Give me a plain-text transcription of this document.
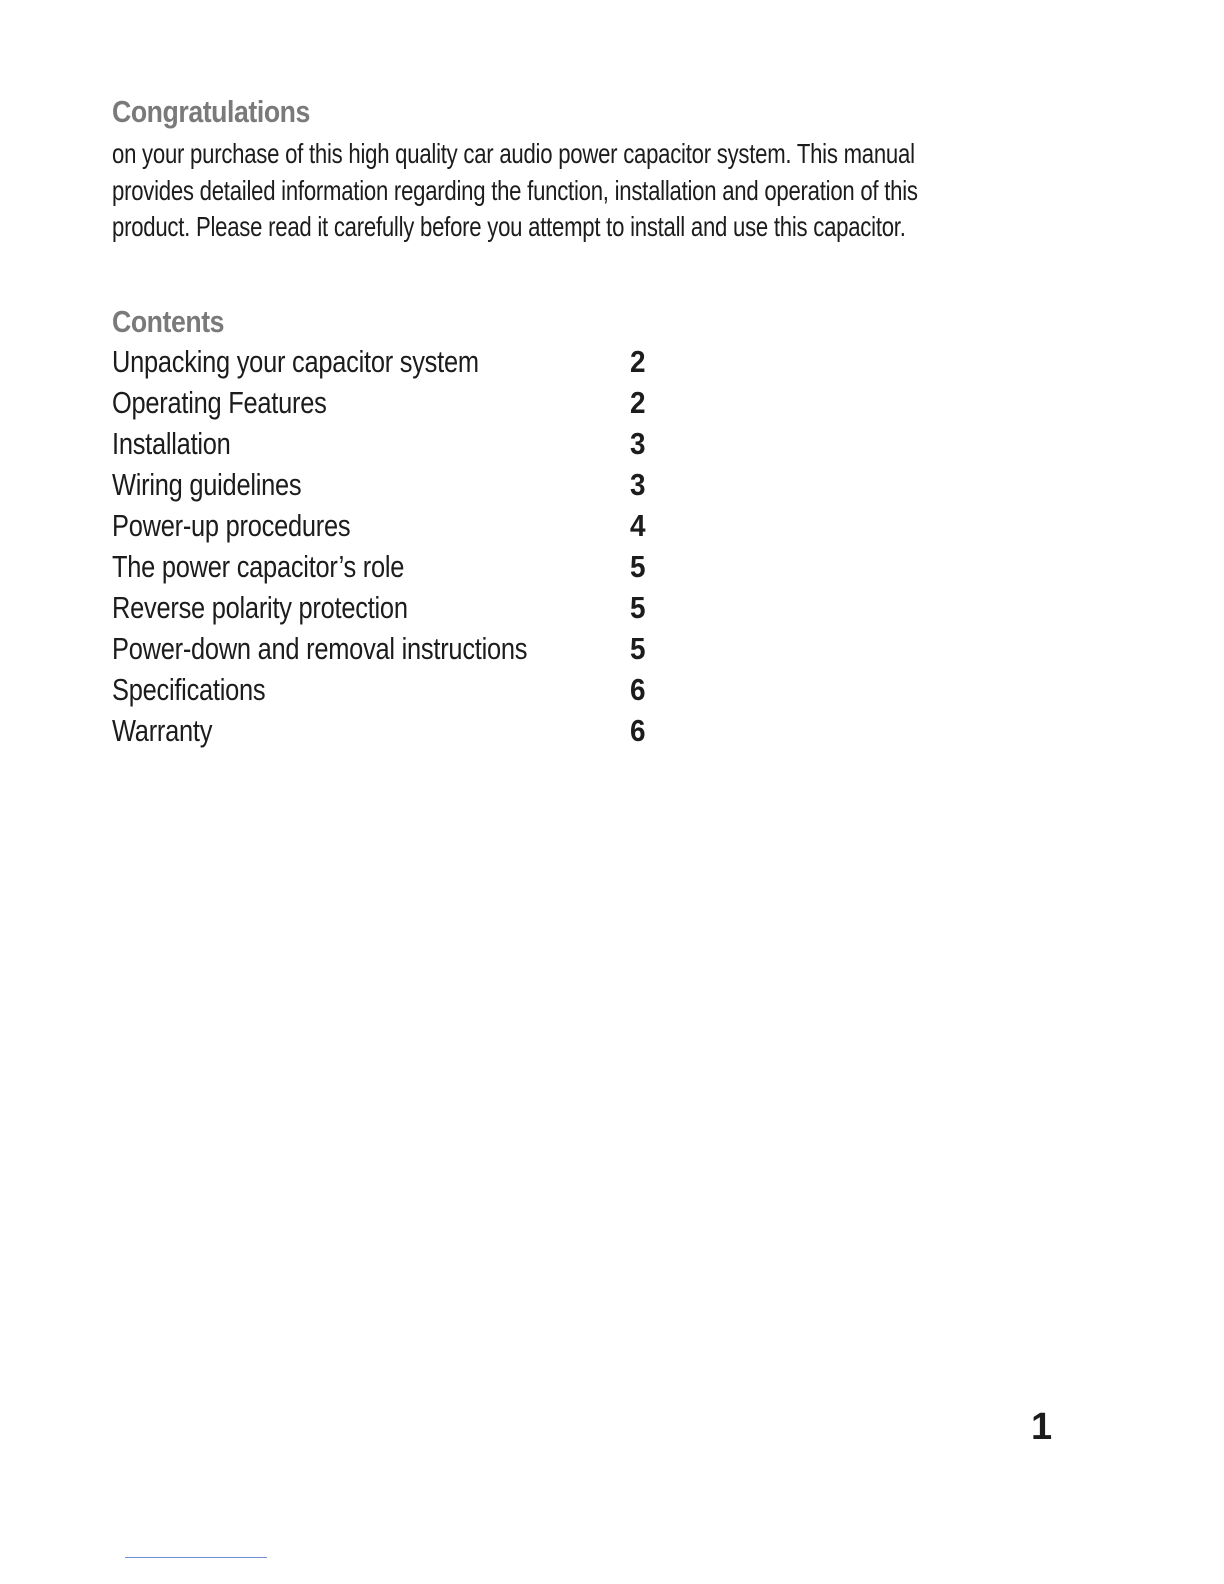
Congratulations
on your purchase of this high quality car audio power capacitor system. This manual
provides detailed information regarding the function, installation and operation of this
product. Please read it carefully before you attempt to install and use this capacitor.
Contents
Unpacking your capacitor system	2
Operating Features	2
Installation	3
Wiring guidelines	3
Power-up procedures	4
The power capacitor’s role	5
Reverse polarity protection	5
Power-down and removal instructions	5
Specifications	6
Warranty	6
1
